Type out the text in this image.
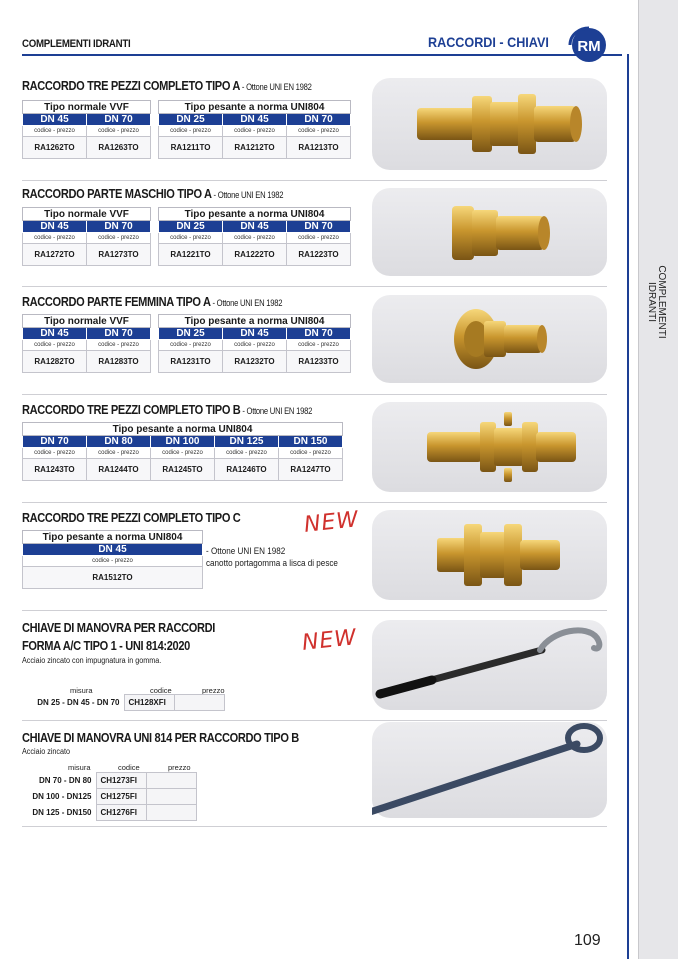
COMPLEMENTI IDRANTI	RACCORDI - CHIAVI RM
COMPLEMENTI
IDRANTI
RACCORDO TRE PEZZI COMPLETO TIPO A - Ottone UNI EN 1982
Tipo normale VVF	
DN 45	DN 70
codice - prezzo	codice - prezzo
RA1262TO	RA1263TO
Tipo pesante a norma UNI804		
DN 25	DN 45	DN 70
codice - prezzo	codice - prezzo	codice - prezzo
RA1211TO	RA1212TO	RA1213TO
RACCORDO PARTE MASCHIO TIPO A - Ottone UNI EN 1982
Tipo normale VVF	
DN 45	DN 70
codice - prezzo	codice - prezzo
RA1272TO	RA1273TO
Tipo pesante a norma UNI804		
DN 25	DN 45	DN 70
codice - prezzo	codice - prezzo	codice - prezzo
RA1221TO	RA1222TO	RA1223TO
RACCORDO PARTE FEMMINA TIPO A - Ottone UNI EN 1982
Tipo normale VVF	
DN 45	DN 70
codice - prezzo	codice - prezzo
RA1282TO	RA1283TO
Tipo pesante a norma UNI804		
DN 25	DN 45	DN 70
codice - prezzo	codice - prezzo	codice - prezzo
RA1231TO	RA1232TO	RA1233TO
RACCORDO TRE PEZZI COMPLETO TIPO B - Ottone UNI EN 1982
Tipo pesante a norma UNI804				
DN 70	DN 80	DN 100	DN 125	DN 150
codice - prezzo	codice - prezzo	codice - prezzo	codice - prezzo	codice - prezzo
RA1243TO	RA1244TO	RA1245TO	RA1246TO	RA1247TO
RACCORDO TRE PEZZI COMPLETO TIPO C	NEW
Tipo pesante a norma UNI804
DN 45
codice - prezzo
RA1512TO
- Ottone UNI EN 1982
canotto portagomma a lisca di pesce
CHIAVE DI MANOVRA PER RACCORDI
FORMA A/C TIPO 1 - UNI 814:2020
Acciaio zincato con impugnatura in gomma.
NEW
misura	codice	prezzo
DN 25 - DN 45 - DN 70	CH128XFI	
CHIAVE DI MANOVRA UNI 814 PER RACCORDO TIPO B
Acciaio zincato
misura	codice	prezzo
DN 70 - DN 80	CH1273FI	
DN 100 - DN125	CH1275FI	
DN 125 - DN150	CH1276FI	
109
